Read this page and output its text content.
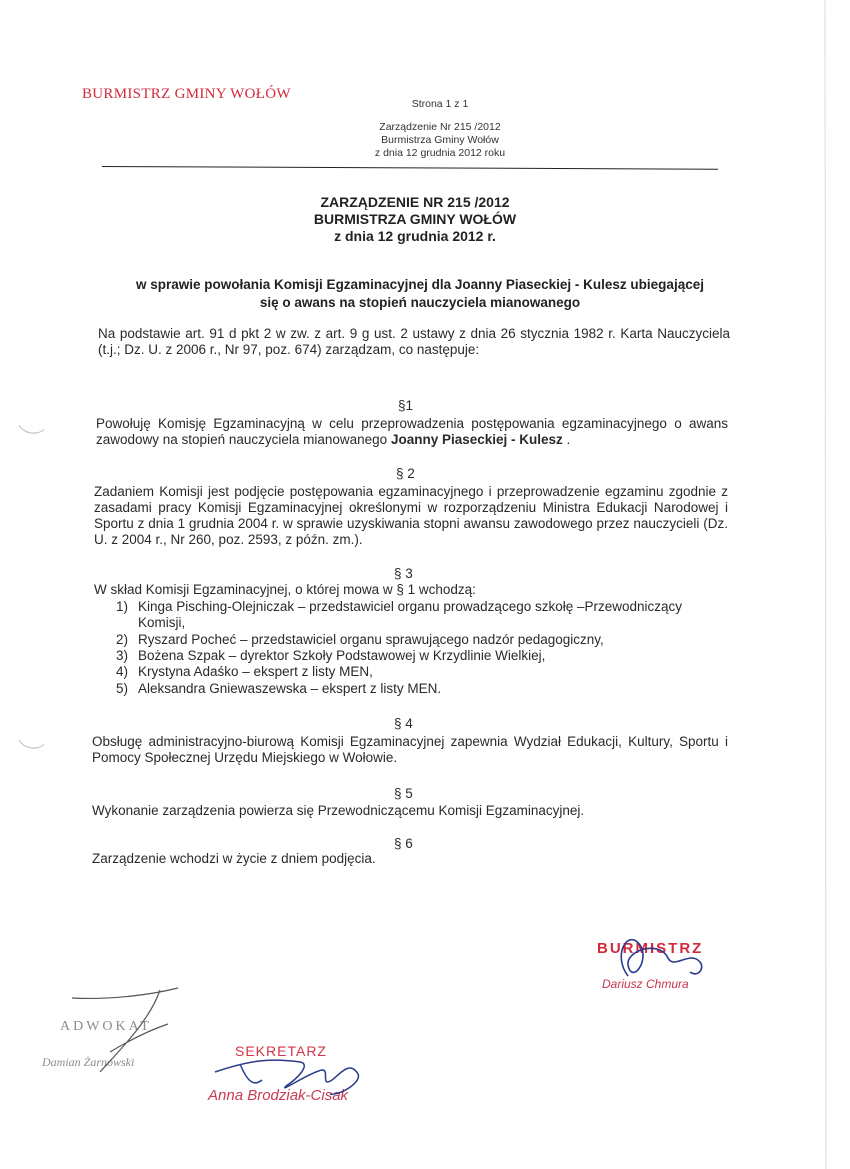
BURMISTRZ GMINY WOŁÓW
Strona 1 z 1
Zarządzenie Nr 215 /2012
Burmistrza Gminy Wołów
z dnia 12 grudnia 2012 roku
ZARZĄDZENIE NR 215 /2012
BURMISTRZA GMINY WOŁÓW
z dnia 12 grudnia 2012 r.
w sprawie powołania Komisji Egzaminacyjnej dla Joanny Piaseckiej - Kulesz ubiegającej
się o awans na stopień nauczyciela mianowanego
Na podstawie art. 91 d pkt 2 w zw. z art. 9 g ust. 2 ustawy z dnia 26 stycznia 1982 r. Karta Nauczyciela (t.j.; Dz. U. z 2006 r., Nr 97, poz. 674) zarządzam, co następuje:
§1
Powołuję Komisję Egzaminacyjną w celu przeprowadzenia postępowania egzaminacyjnego o awans zawodowy na stopień nauczyciela mianowanego Joanny Piaseckiej - Kulesz .
§ 2
Zadaniem Komisji jest podjęcie postępowania egzaminacyjnego i przeprowadzenie egzaminu zgodnie z zasadami pracy Komisji Egzaminacyjnej określonymi w rozporządzeniu Ministra Edukacji Narodowej i Sportu z dnia 1 grudnia 2004 r. w sprawie uzyskiwania stopni awansu zawodowego przez nauczycieli (Dz. U. z 2004 r., Nr 260, poz. 2593, z późn. zm.).
§ 3
W skład Komisji Egzaminacyjnej, o której mowa w § 1 wchodzą:
1) Kinga Pisching-Olejniczak – przedstawiciel organu prowadzącego szkołę –Przewodniczący
Komisji,
2) Ryszard Pocheć – przedstawiciel organu sprawującego nadzór pedagogiczny,
3) Bożena Szpak – dyrektor Szkoły Podstawowej w Krzydlinie Wielkiej,
4) Krystyna Adaśko – ekspert z listy MEN,
5) Aleksandra Gniewaszewska – ekspert z listy MEN.
§ 4
Obsługę administracyjno-biurową Komisji Egzaminacyjnej zapewnia Wydział Edukacji, Kultury, Sportu i Pomocy Społecznej Urzędu Miejskiego w Wołowie.
§ 5
Wykonanie zarządzenia powierza się Przewodniczącemu Komisji Egzaminacyjnej.
§ 6
Zarządzenie wchodzi w życie z dniem podjęcia.
BURMISTRZ
Dariusz Chmura
ADWOKAT
Damian Żarnowski
SEKRETARZ
Anna Brodziak-Cisak
